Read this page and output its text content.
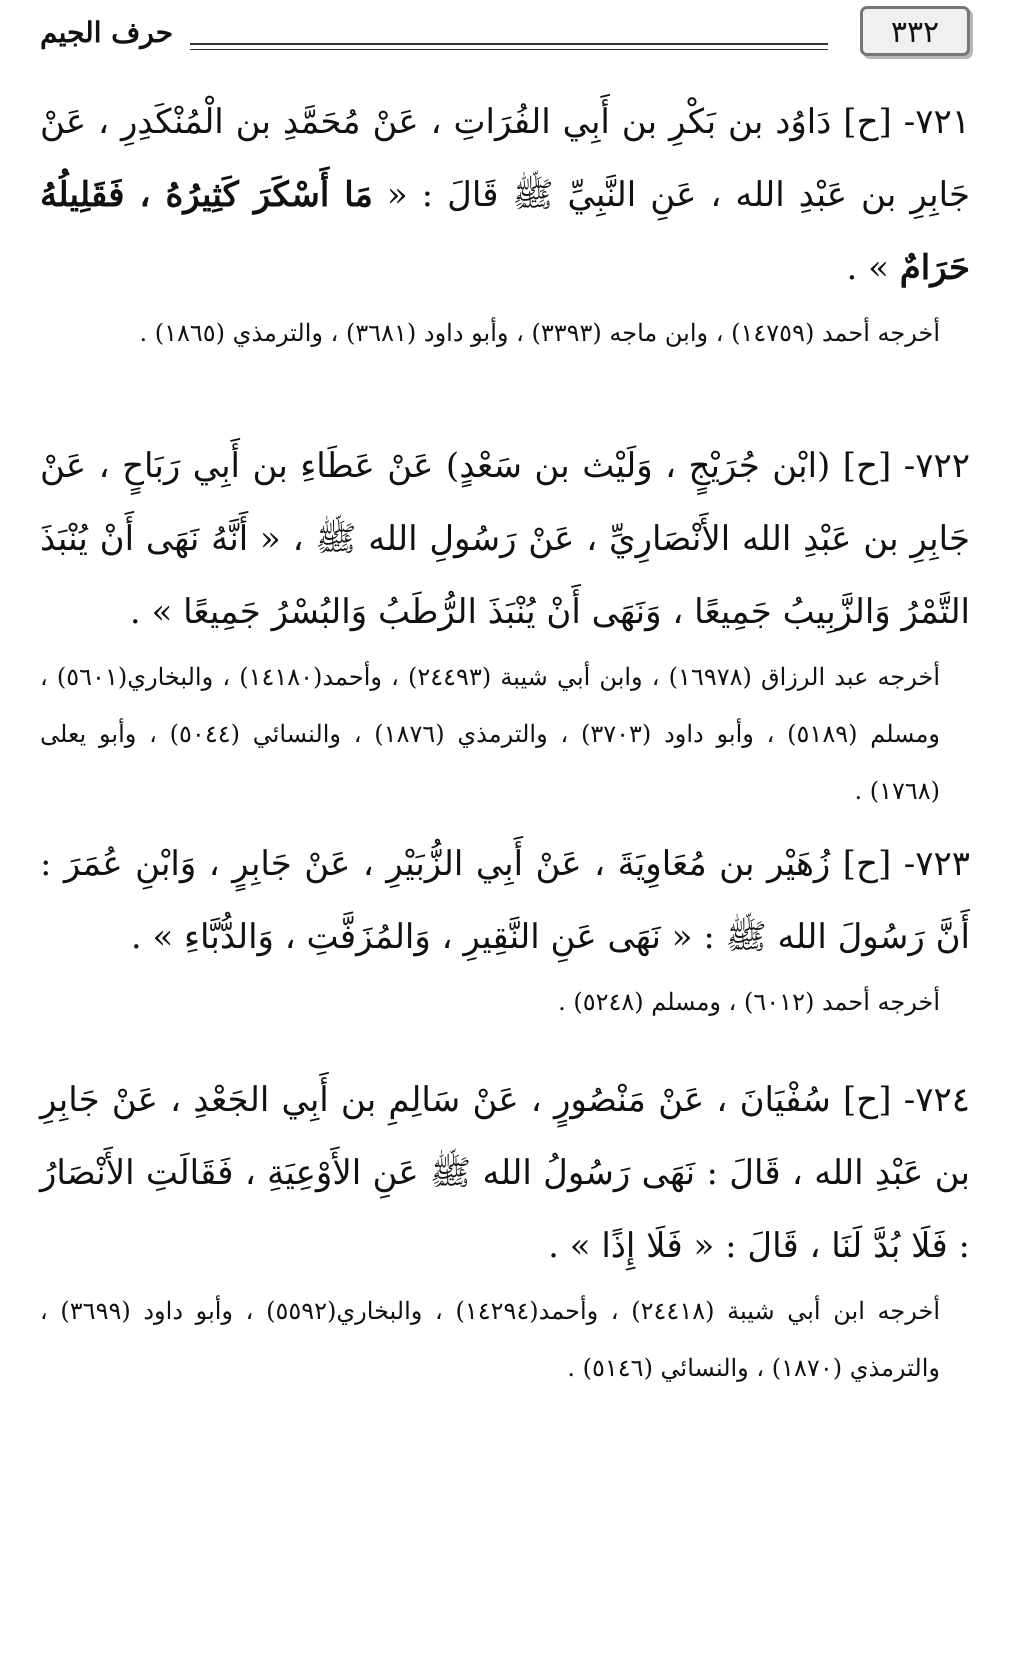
٣٣٢
حرف الجيم

٧٢١- [ح] دَاوُد بن بَكْرِ بن أَبِي الفُرَاتِ ، عَنْ مُحَمَّدِ بن الْمُنْكَدِرِ ، عَنْ جَابِرِ بن عَبْدِ الله ، عَنِ النَّبِيِّ ﷺ قَالَ : « مَا أَسْكَرَ كَثِيرُهُ ، فَقَلِيلُهُ حَرَامٌ » .

أخرجه أحمد (١٤٧٥٩) ، وابن ماجه (٣٣٩٣) ، وأبو داود (٣٦٨١) ، والترمذي (١٨٦٥) .

٧٢٢- [ح] (ابْن جُرَيْجٍ ، وَلَيْث بن سَعْدٍ) عَنْ عَطَاءِ بن أَبِي رَبَاحٍ ، عَنْ جَابِرِ بن عَبْدِ الله الأَنْصَارِيِّ ، عَنْ رَسُولِ الله ﷺ ، « أَنَّهُ نَهَى أَنْ يُنْبَذَ التَّمْرُ وَالزَّبِيبُ جَمِيعًا ، وَنَهَى أَنْ يُنْبَذَ الرُّطَبُ وَالبُسْرُ جَمِيعًا » .

أخرجه عبد الرزاق (١٦٩٧٨) ، وابن أبي شيبة (٢٤٤٩٣) ، وأحمد(١٤١٨٠) ، والبخاري(٥٦٠١) ، ومسلم (٥١٨٩) ، وأبو داود (٣٧٠٣) ، والترمذي (١٨٧٦) ، والنسائي (٥٠٤٤) ، وأبو يعلى (١٧٦٨) .

٧٢٣- [ح] زُهَيْر بن مُعَاوِيَةَ ، عَنْ أَبِي الزُّبَيْرِ ، عَنْ جَابِرٍ ، وَابْنِ عُمَرَ : أَنَّ رَسُولَ الله ﷺ : « نَهَى عَنِ النَّقِيرِ ، وَالمُزَفَّتِ ، وَالدُّبَّاءِ » .

أخرجه أحمد (٦٠١٢) ، ومسلم (٥٢٤٨) .

٧٢٤- [ح] سُفْيَانَ ، عَنْ مَنْصُورٍ ، عَنْ سَالِمِ بن أَبِي الجَعْدِ ، عَنْ جَابِرِ بن عَبْدِ الله ، قَالَ : نَهَى رَسُولُ الله ﷺ عَنِ الأَوْعِيَةِ ، فَقَالَتِ الأَنْصَارُ : فَلَا بُدَّ لَنَا ، قَالَ : « فَلَا إِذًا » .

أخرجه ابن أبي شيبة (٢٤٤١٨) ، وأحمد(١٤٢٩٤) ، والبخاري(٥٥٩٢) ، وأبو داود (٣٦٩٩) ، والترمذي (١٨٧٠) ، والنسائي (٥١٤٦) .
